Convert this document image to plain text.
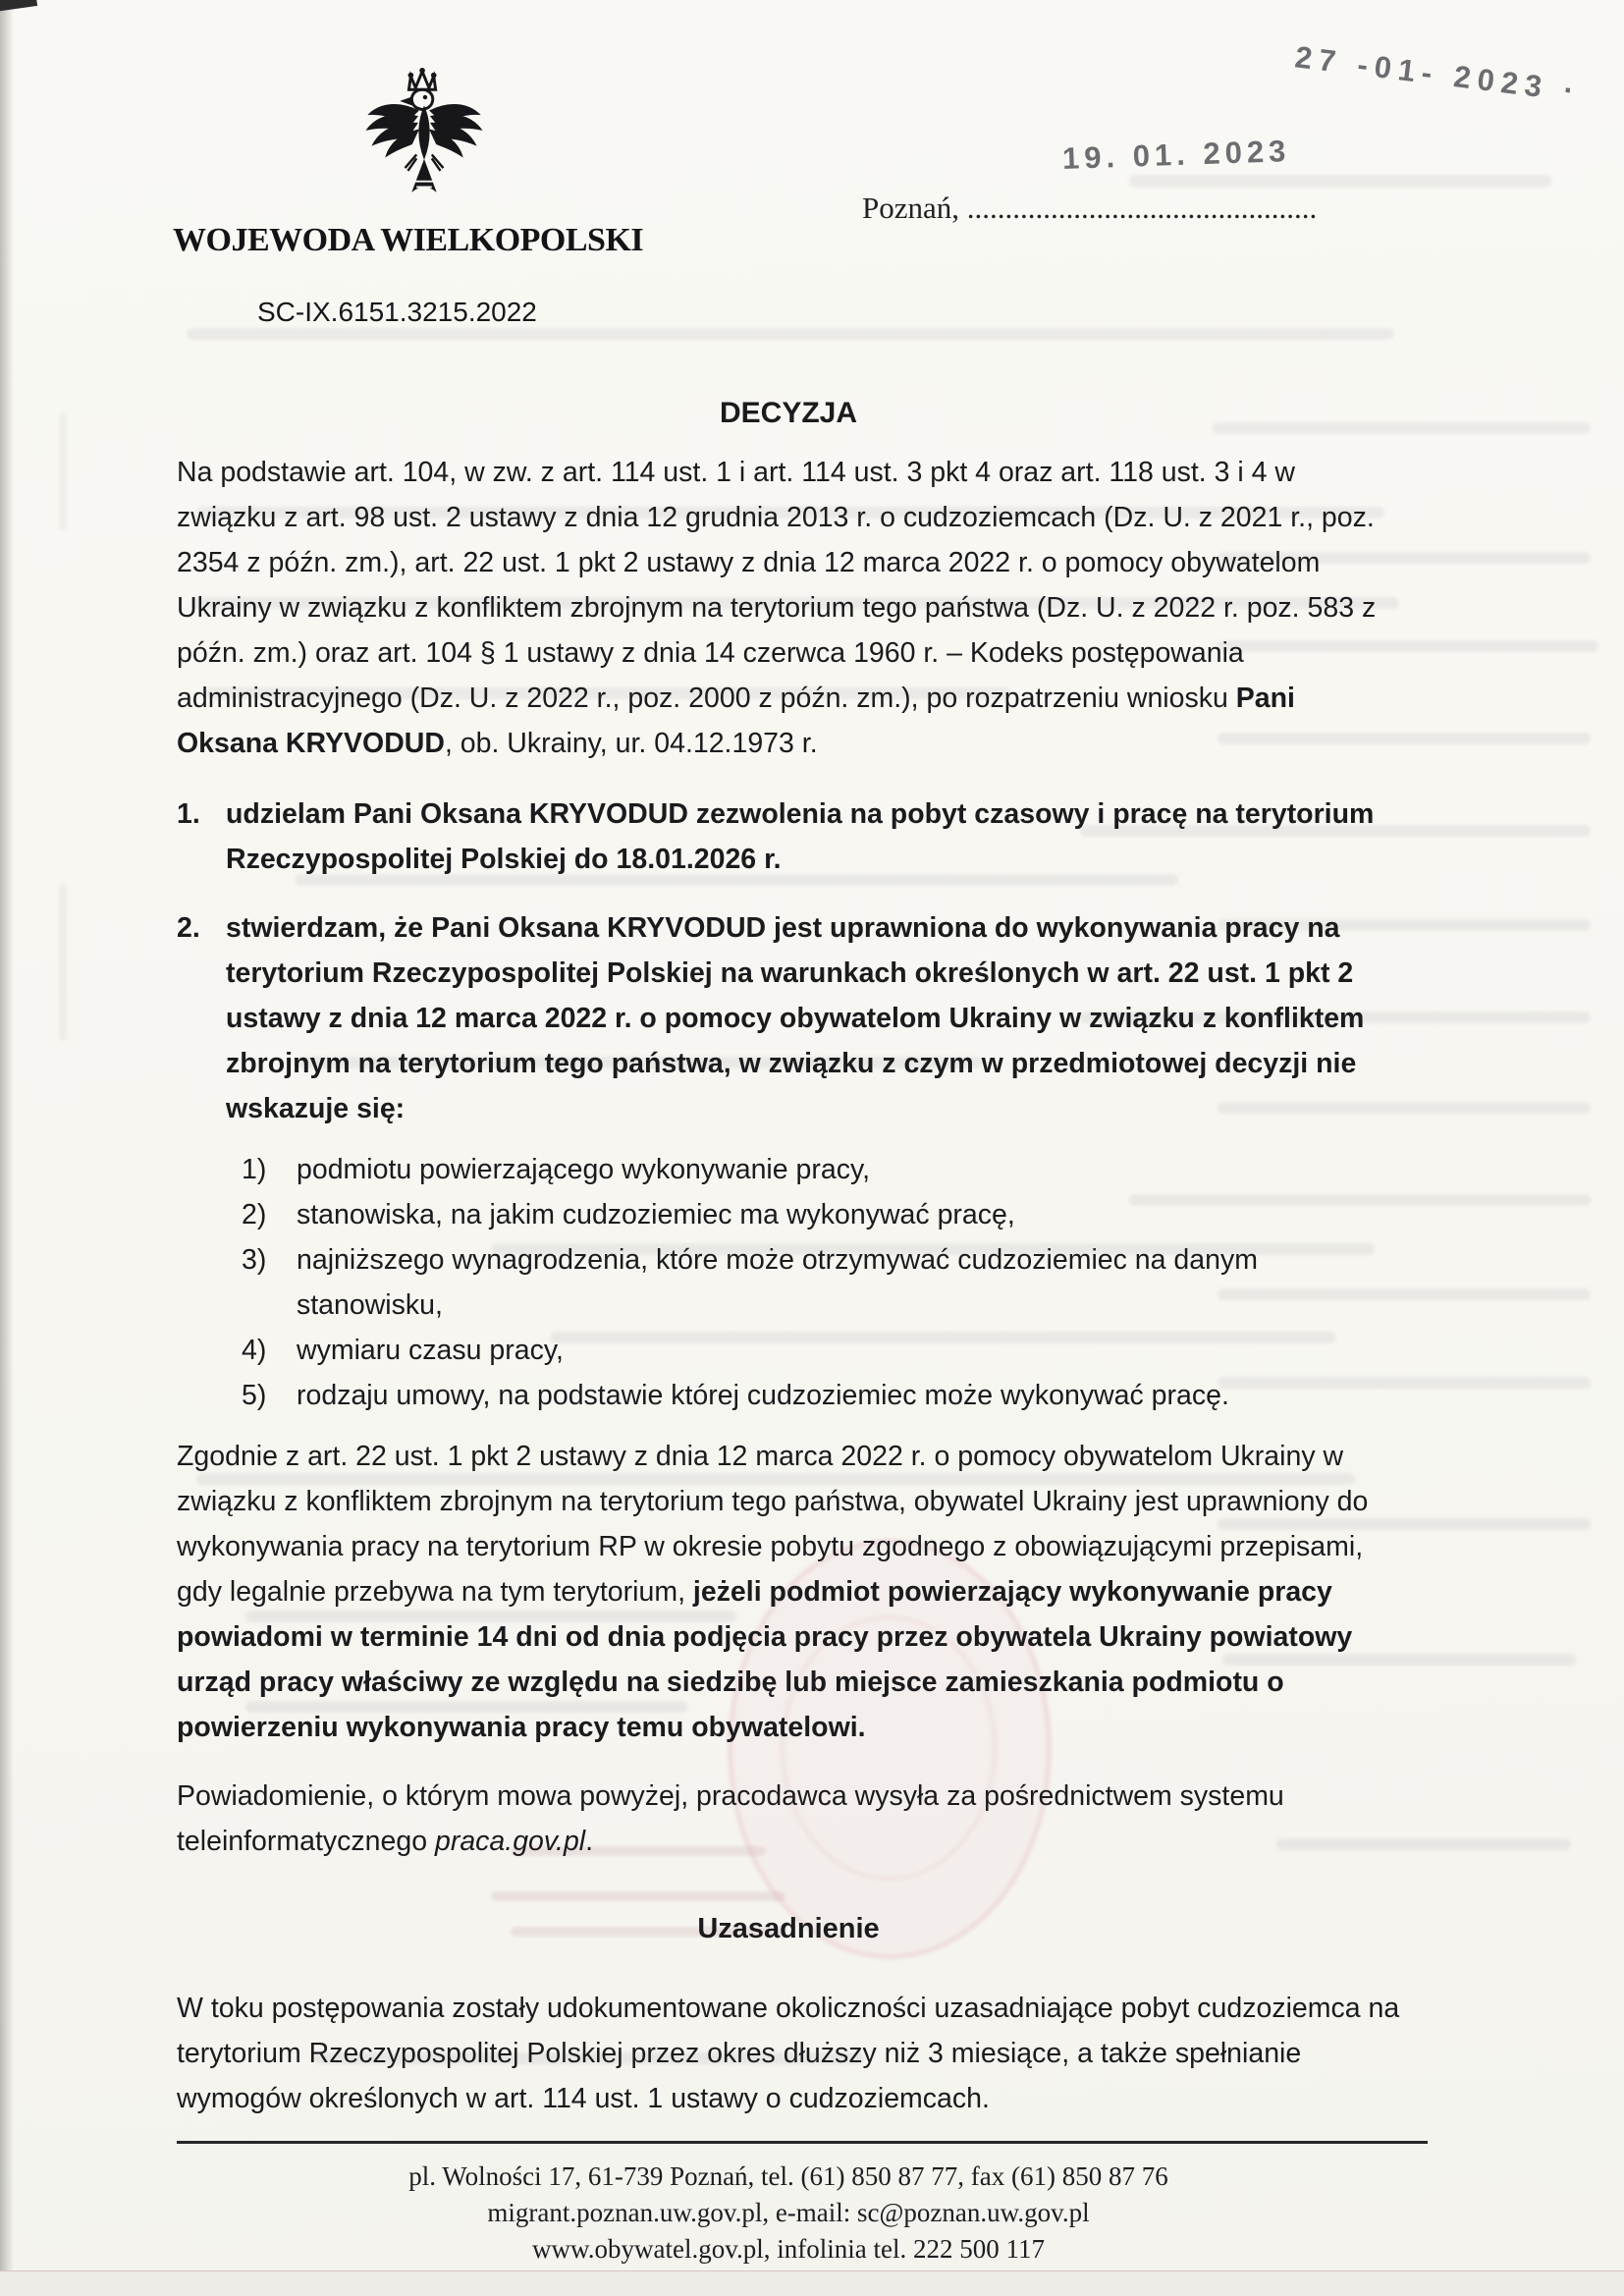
27 -01- 2023 ·
19. 01. 2023
Poznań, ..............................................
WOJEWODA WIELKOPOLSKI
SC-IX.6151.3215.2022
DECYZJA

Na podstawie art. 104, w zw. z art. 114 ust. 1 i art. 114 ust. 3 pkt 4 oraz art. 118 ust. 3 i 4 w związku z art. 98 ust. 2 ustawy z dnia 12 grudnia 2013 r. o cudzoziemcach (Dz. U. z 2021 r., poz. 2354 z późn. zm.), art. 22 ust. 1 pkt 2 ustawy z dnia 12 marca 2022 r. o pomocy obywatelom Ukrainy w związku z konfliktem zbrojnym na terytorium tego państwa (Dz. U. z 2022 r. poz. 583 z późn. zm.) oraz art. 104 § 1 ustawy z dnia 14 czerwca 1960 r. – Kodeks postępowania administracyjnego (Dz. U. z 2022 r., poz. 2000 z późn. zm.), po rozpatrzeniu wniosku Pani Oksana KRYVODUD, ob. Ukrainy, ur. 04.12.1973 r.

1. udzielam Pani Oksana KRYVODUD zezwolenia na pobyt czasowy i pracę na terytorium Rzeczypospolitej Polskiej do 18.01.2026 r.
2. stwierdzam, że Pani Oksana KRYVODUD jest uprawniona do wykonywania pracy na terytorium Rzeczypospolitej Polskiej na warunkach określonych w art. 22 ust. 1 pkt 2 ustawy z dnia 12 marca 2022 r. o pomocy obywatelom Ukrainy w związku z konfliktem zbrojnym na terytorium tego państwa, w związku z czym w przedmiotowej decyzji nie wskazuje się:
1)	podmiotu powierzającego wykonywanie pracy,
2)	stanowiska, na jakim cudzoziemiec ma wykonywać pracę,
3)	najniższego wynagrodzenia, które może otrzymywać cudzoziemiec na danym stanowisku,
4)	wymiaru czasu pracy,
5)	rodzaju umowy, na podstawie której cudzoziemiec może wykonywać pracę.

Zgodnie z art. 22 ust. 1 pkt 2 ustawy z dnia 12 marca 2022 r. o pomocy obywatelom Ukrainy w związku z konfliktem zbrojnym na terytorium tego państwa, obywatel Ukrainy jest uprawniony do wykonywania pracy na terytorium RP w okresie pobytu zgodnego z obowiązującymi przepisami, gdy legalnie przebywa na tym terytorium, jeżeli podmiot powierzający wykonywanie pracy powiadomi w terminie 14 dni od dnia podjęcia pracy przez obywatela Ukrainy powiatowy urząd pracy właściwy ze względu na siedzibę lub miejsce zamieszkania podmiotu o powierzeniu wykonywania pracy temu obywatelowi.

Powiadomienie, o którym mowa powyżej, pracodawca wysyła za pośrednictwem systemu teleinformatycznego praca.gov.pl.

Uzasadnienie

W toku postępowania zostały udokumentowane okoliczności uzasadniające pobyt cudzoziemca na terytorium Rzeczypospolitej Polskiej przez okres dłuższy niż 3 miesiące, a także spełnianie wymogów określonych w art. 114 ust. 1 ustawy o cudzoziemcach.

pl. Wolności 17, 61-739 Poznań, tel. (61) 850 87 77, fax (61) 850 87 76
migrant.poznan.uw.gov.pl, e-mail: sc@poznan.uw.gov.pl
www.obywatel.gov.pl, infolinia tel. 222 500 117
